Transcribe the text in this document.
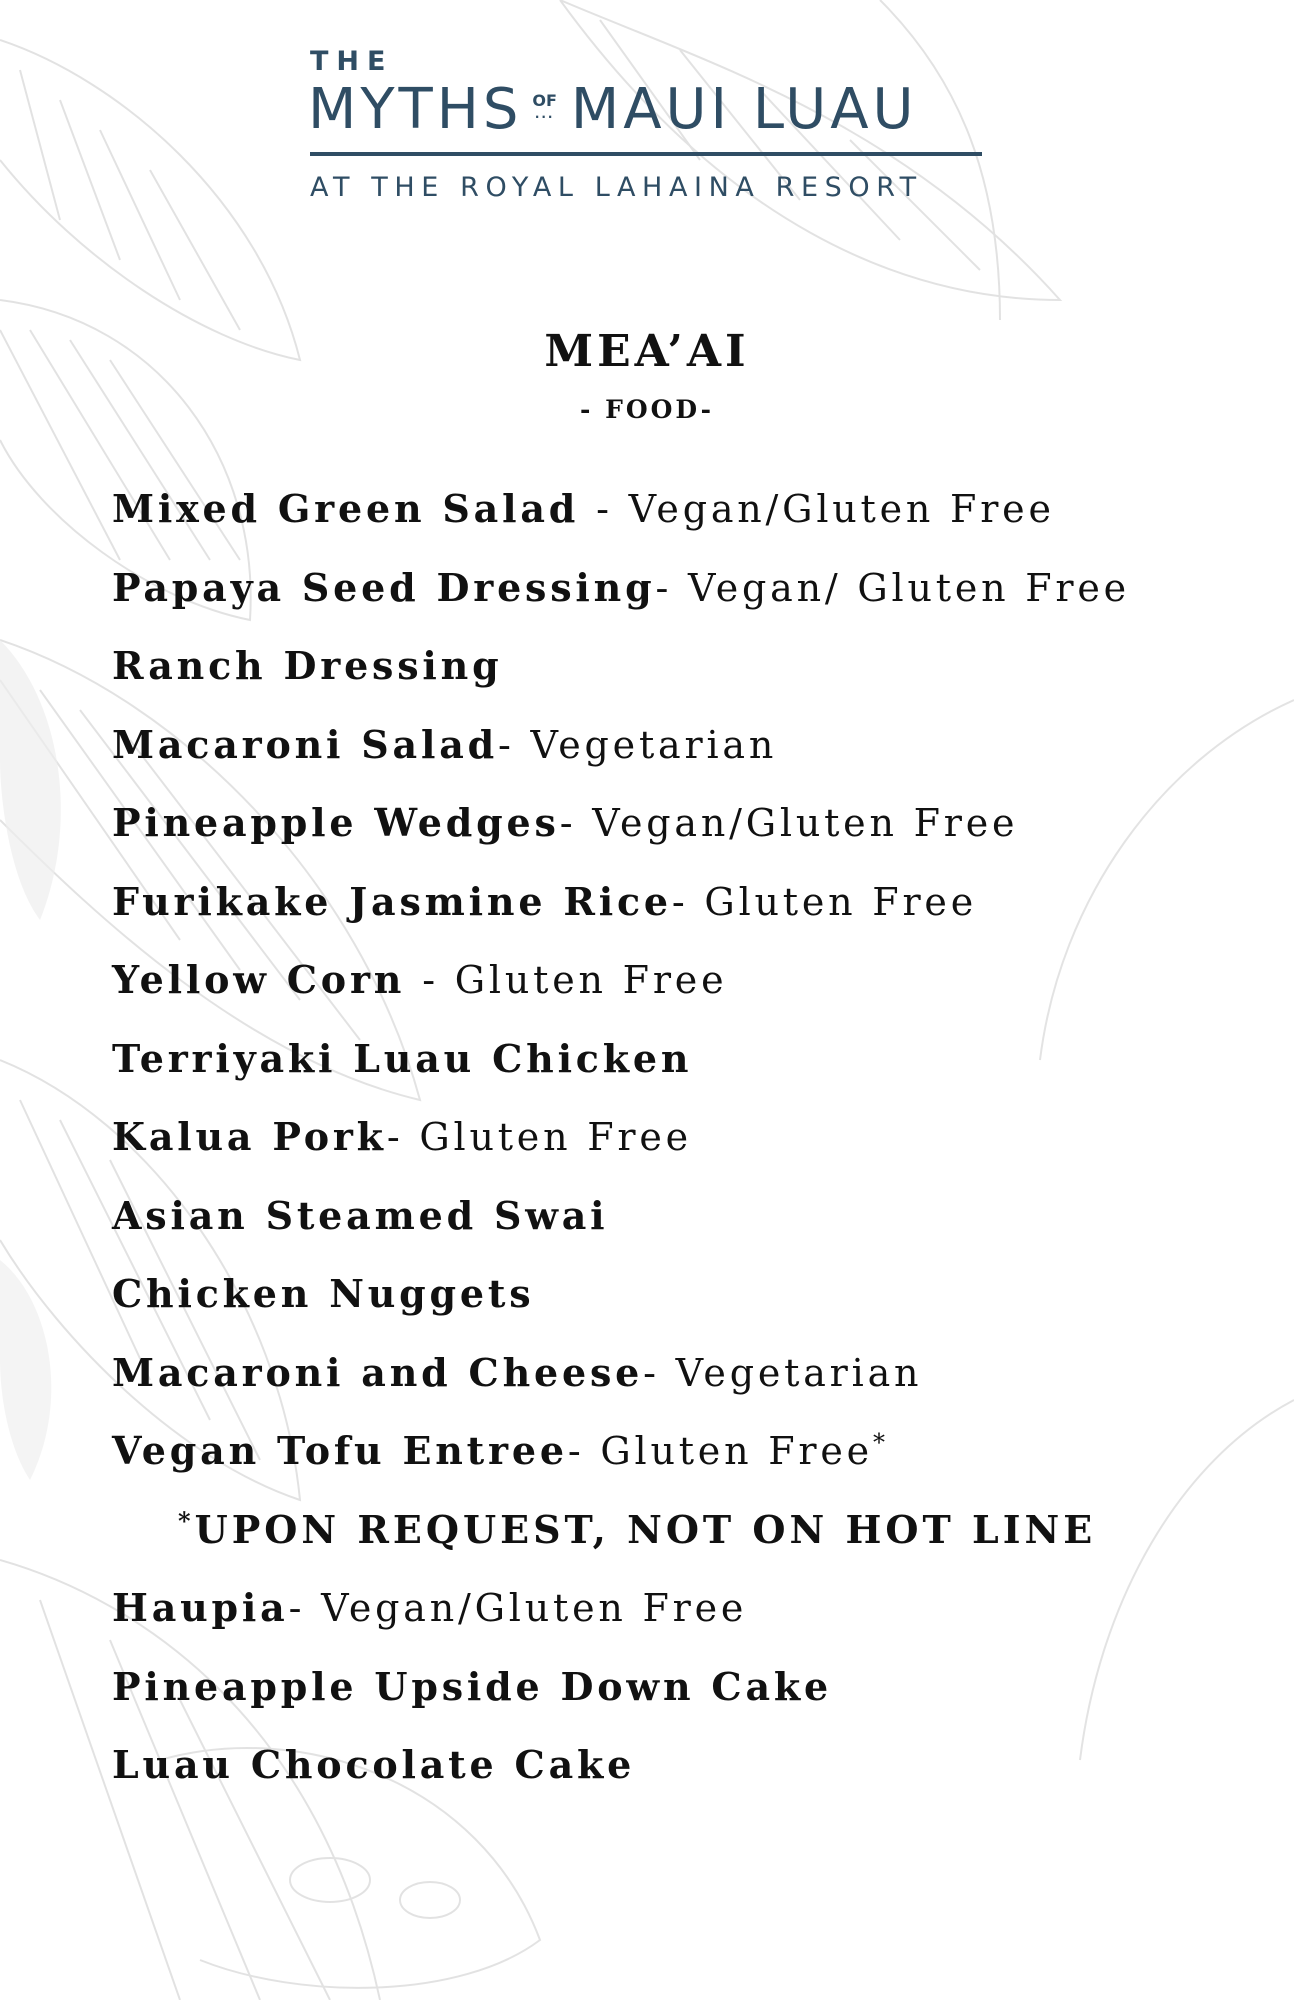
THE
MYTHS OF
... MAUI LUAU
AT THE ROYAL LAHAINA RESORT
MEA’AI
- FOOD-
Mixed Green Salad - Vegan/Gluten Free
Papaya Seed Dressing- Vegan/ Gluten Free
Ranch Dressing
Macaroni Salad- Vegetarian
Pineapple Wedges- Vegan/Gluten Free
Furikake Jasmine Rice- Gluten Free
Yellow Corn - Gluten Free
Terriyaki Luau Chicken
Kalua Pork- Gluten Free
Asian Steamed Swai
Chicken Nuggets
Macaroni and Cheese- Vegetarian
Vegan Tofu Entree- Gluten Free*
*UPON REQUEST, NOT ON HOT LINE
Haupia- Vegan/Gluten Free
Pineapple Upside Down Cake
Luau Chocolate Cake
